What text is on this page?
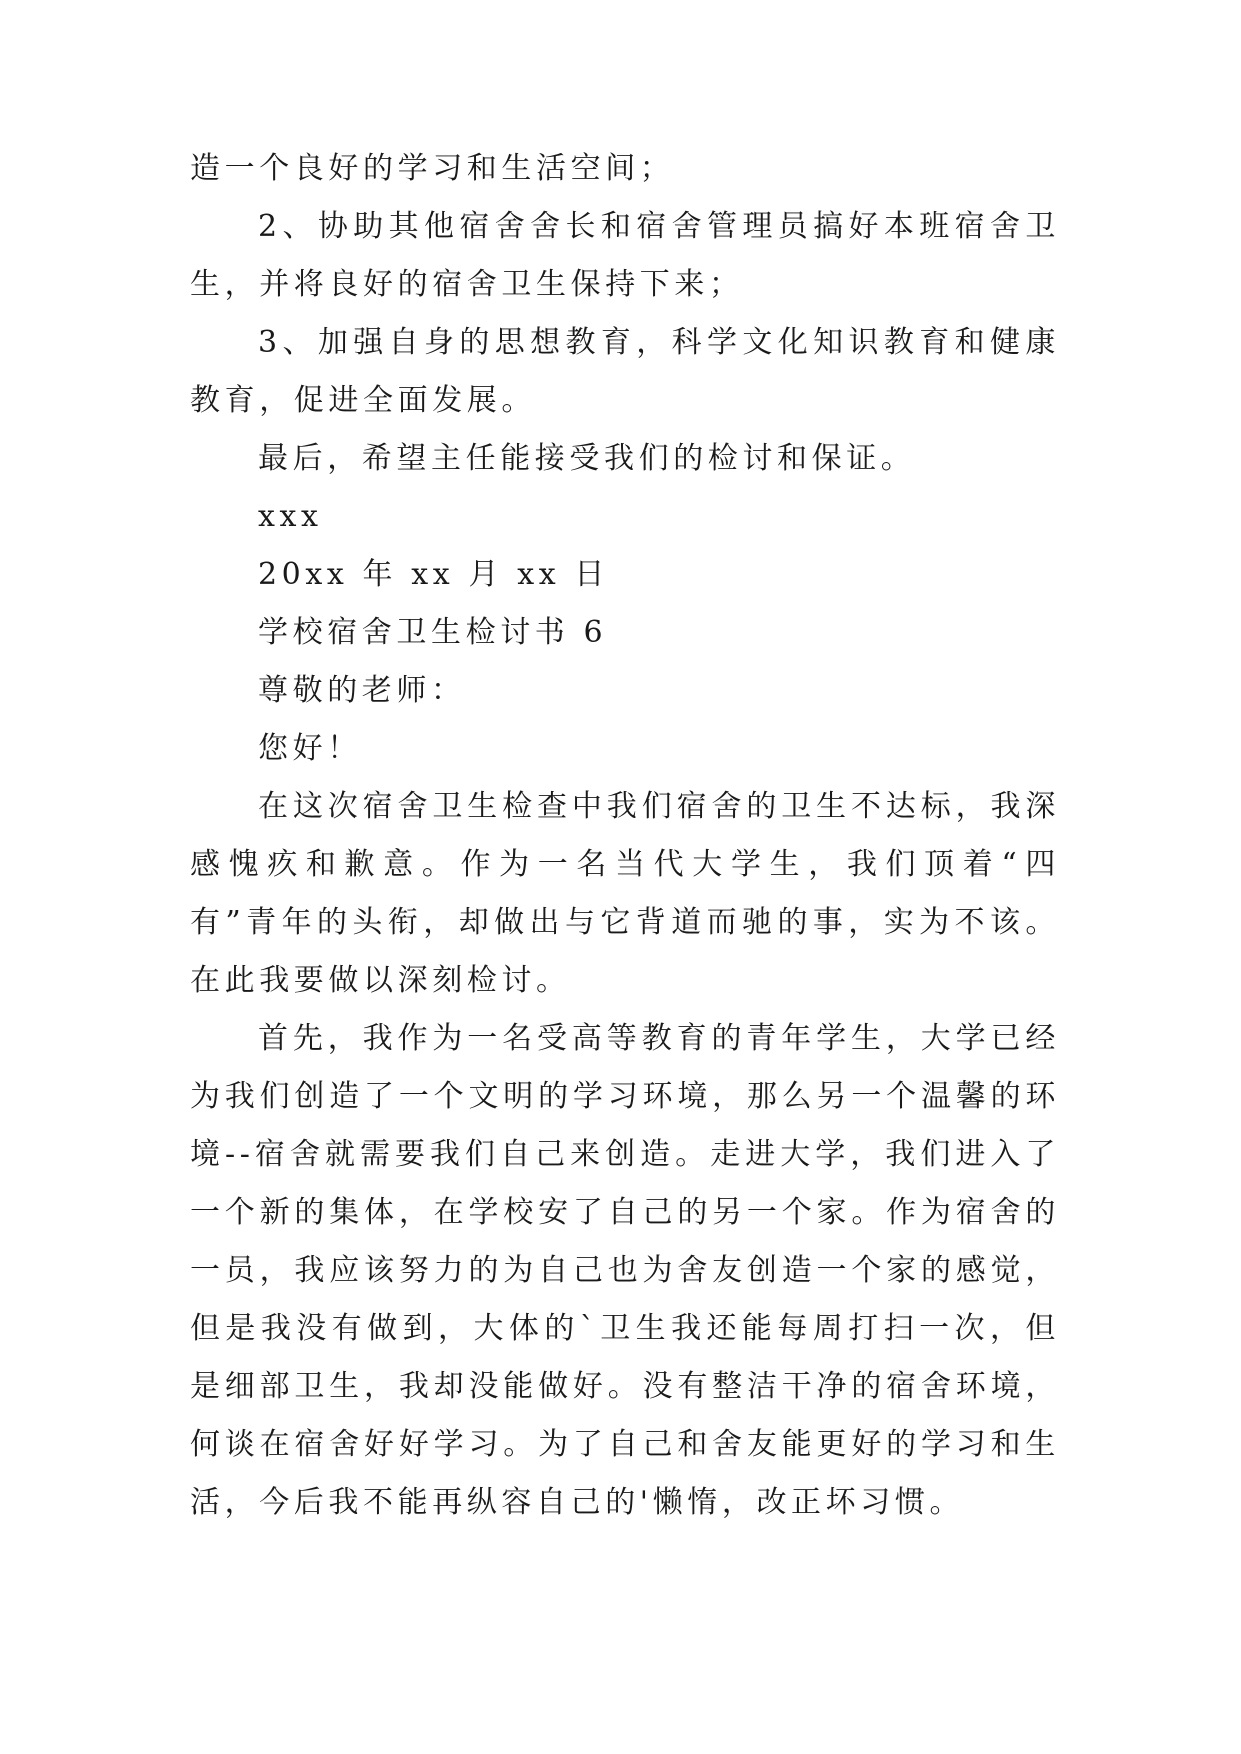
造一个良好的学习和生活空间；

2、协助其他宿舍舍长和宿舍管理员搞好本班宿舍卫生，并将良好的宿舍卫生保持下来；

3、加强自身的思想教育，科学文化知识教育和健康教育，促进全面发展。

最后，希望主任能接受我们的检讨和保证。

xxx

20xx 年 xx 月 xx 日

学校宿舍卫生检讨书 6

尊敬的老师：

您好！

在这次宿舍卫生检查中我们宿舍的卫生不达标，我深感愧疚和歉意。作为一名当代大学生，我们顶着“四有”青年的头衔，却做出与它背道而驰的事，实为不该。在此我要做以深刻检讨。

首先，我作为一名受高等教育的青年学生，大学已经为我们创造了一个文明的学习环境，那么另一个温馨的环境--宿舍就需要我们自己来创造。走进大学，我们进入了一个新的集体，在学校安了自己的另一个家。作为宿舍的一员，我应该努力的为自己也为舍友创造一个家的感觉，但是我没有做到，大体的`卫生我还能每周打扫一次，但是细部卫生，我却没能做好。没有整洁干净的宿舍环境，何谈在宿舍好好学习。为了自己和舍友能更好的学习和生活，今后我不能再纵容自己的'懒惰，改正坏习惯。
